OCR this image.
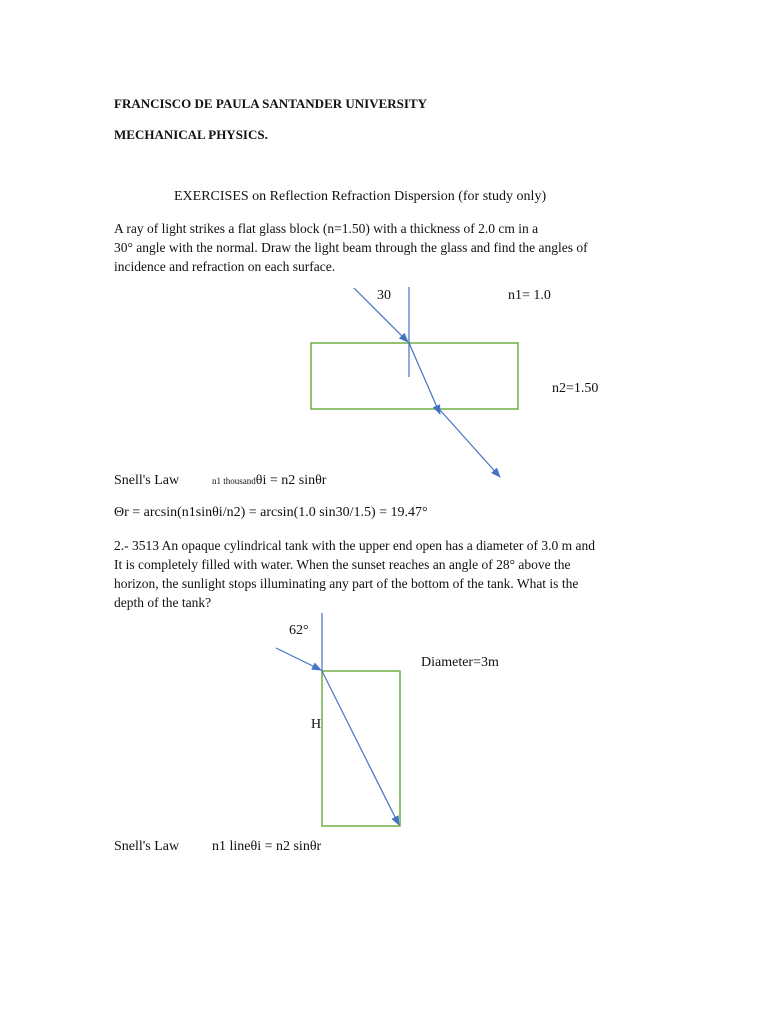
FRANCISCO DE PAULA SANTANDER UNIVERSITY
MECHANICAL PHYSICS.
EXERCISES on Reflection Refraction Dispersion (for study only)
A ray of light strikes a flat glass block (n=1.50) with a thickness of 2.0 cm in a
30° angle with the normal. Draw the light beam through the glass and find the angles of
incidence and refraction on each surface.
30	n1= 1.0
n2=1.50
Snell's Law	n1 thousandθi = n2 sinθr
Θr = arcsin(n1sinθi/n2) = arcsin(1.0 sin30/1.5) = 19.47°
2.- 3513 An opaque cylindrical tank with the upper end open has a diameter of 3.0 m and
It is completely filled with water. When the sunset reaches an angle of 28° above the
horizon, the sunlight stops illuminating any part of the bottom of the tank. What is the
depth of the tank?
62°
Diameter=3m
H
Snell's Law n1 lineθi = n2 sinθr
